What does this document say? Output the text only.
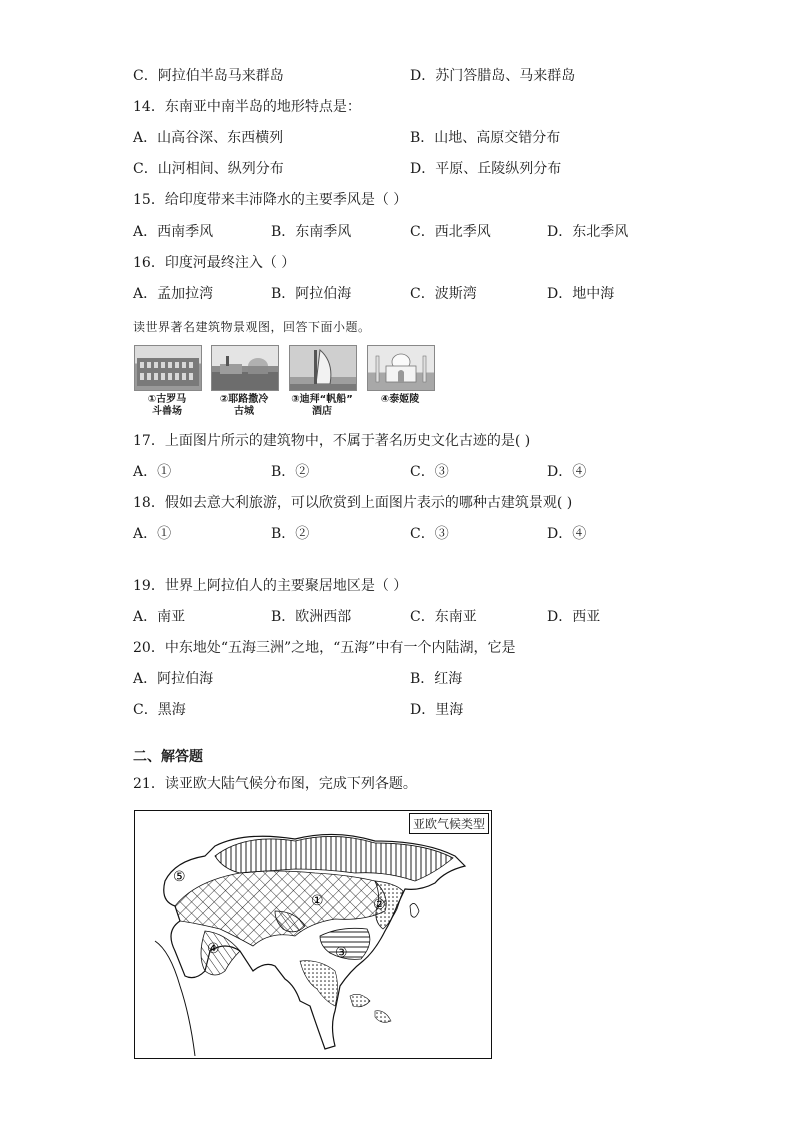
C．阿拉伯半岛马来群岛	D．苏门答腊岛、马来群岛
14．东南亚中南半岛的地形特点是：
A．山高谷深、东西横列	B．山地、高原交错分布
C．山河相间、纵列分布	D．平原、丘陵纵列分布
15．给印度带来丰沛降水的主要季风是（ ）
A．西南季风	B．东南季风	C．西北季风	D．东北季风
16．印度河最终注入（ ）
A．孟加拉湾	B．阿拉伯海	C．波斯湾	D．地中海
读世界著名建筑物景观图，回答下面小题。
①古罗马
斗兽场
②耶路撒冷
古城
③迪拜“帆船”
酒店
④泰姬陵
17．上面图片所示的建筑物中，不属于著名历史文化古迹的是( )
A．①	B．②	C．③	D．④
18．假如去意大利旅游，可以欣赏到上面图片表示的哪种古建筑景观( )
A．①	B．②	C．③	D．④
19．世界上阿拉伯人的主要聚居地区是（ ）
A．南亚	B．欧洲西部	C．东南亚	D．西亚
20．中东地处“五海三洲”之地，“五海”中有一个内陆湖，它是
A．阿拉伯海	B．红海
C．黑海	D．里海
二、解答题
21．读亚欧大陆气候分布图，完成下列各题。
①	②
③
④
⑤
亚欧气候类型
